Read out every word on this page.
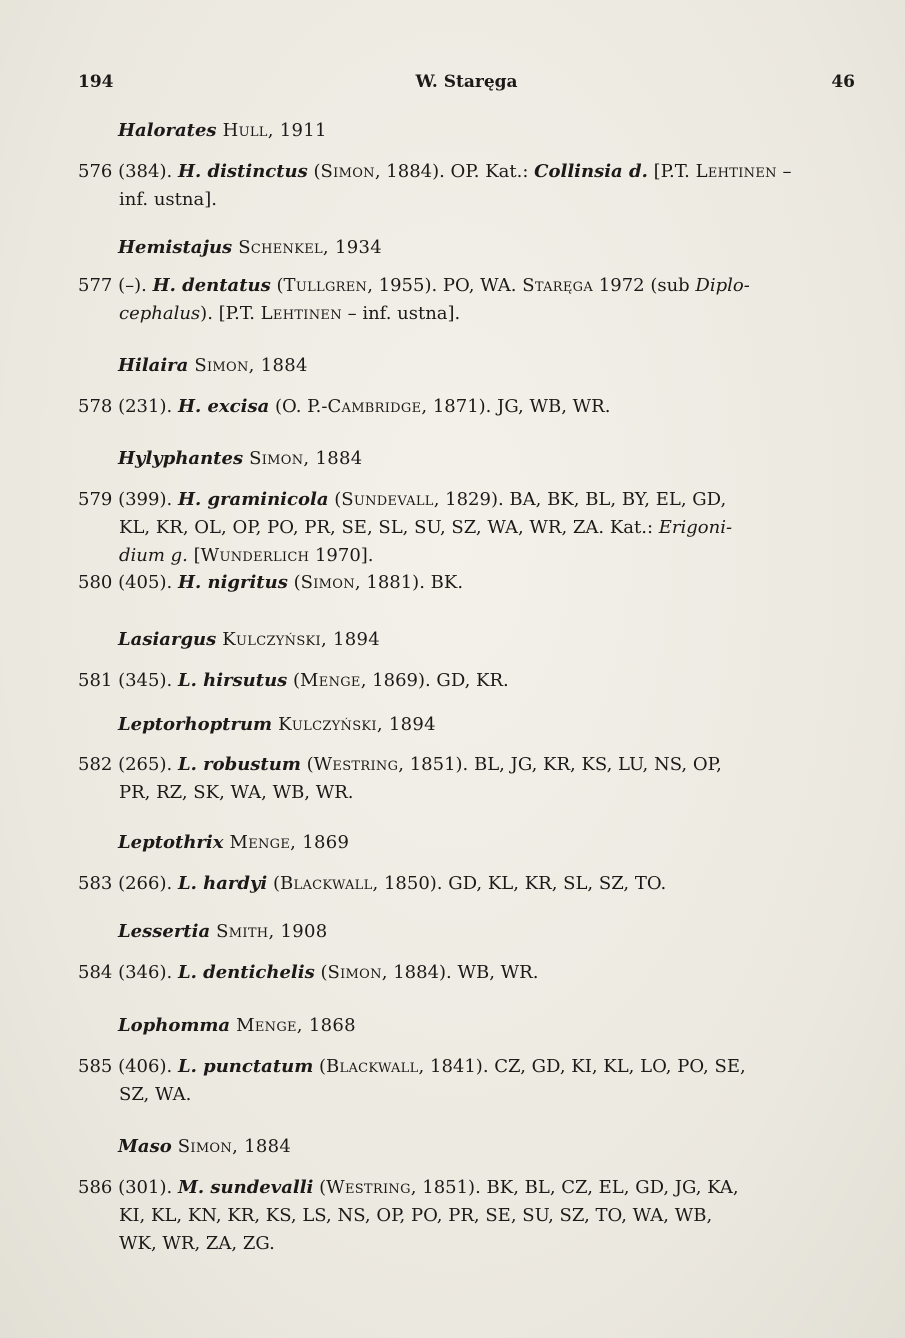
194	W. Staręga	46
Halorates Hull, 1911
576 (384). H. distinctus (Simon, 1884). OP. Kat.: Collinsia d. [P.T. Lehtinen –
inf. ustna].
Hemistajus Schenkel, 1934
577 (–). H. dentatus (Tullgren, 1955). PO, WA. Staręga 1972 (sub Diplo-
cephalus). [P.T. Lehtinen – inf. ustna].
Hilaira Simon, 1884
578 (231). H. excisa (O. P.-Cambridge, 1871). JG, WB, WR.
Hylyphantes Simon, 1884
579 (399). H. graminicola (Sundevall, 1829). BA, BK, BL, BY, EL, GD,
KL, KR, OL, OP, PO, PR, SE, SL, SU, SZ, WA, WR, ZA. Kat.: Erigoni-
dium g. [Wunderlich 1970].
580 (405). H. nigritus (Simon, 1881). BK.
Lasiargus Kulczyński, 1894
581 (345). L. hirsutus (Menge, 1869). GD, KR.
Leptorhoptrum Kulczyński, 1894
582 (265). L. robustum (Westring, 1851). BL, JG, KR, KS, LU, NS, OP,
PR, RZ, SK, WA, WB, WR.
Leptothrix Menge, 1869
583 (266). L. hardyi (Blackwall, 1850). GD, KL, KR, SL, SZ, TO.
Lessertia Smith, 1908
584 (346). L. dentichelis (Simon, 1884). WB, WR.
Lophomma Menge, 1868
585 (406). L. punctatum (Blackwall, 1841). CZ, GD, KI, KL, LO, PO, SE,
SZ, WA.
Maso Simon, 1884
586 (301). M. sundevalli (Westring, 1851). BK, BL, CZ, EL, GD, JG, KA,
KI, KL, KN, KR, KS, LS, NS, OP, PO, PR, SE, SU, SZ, TO, WA, WB,
WK, WR, ZA, ZG.
